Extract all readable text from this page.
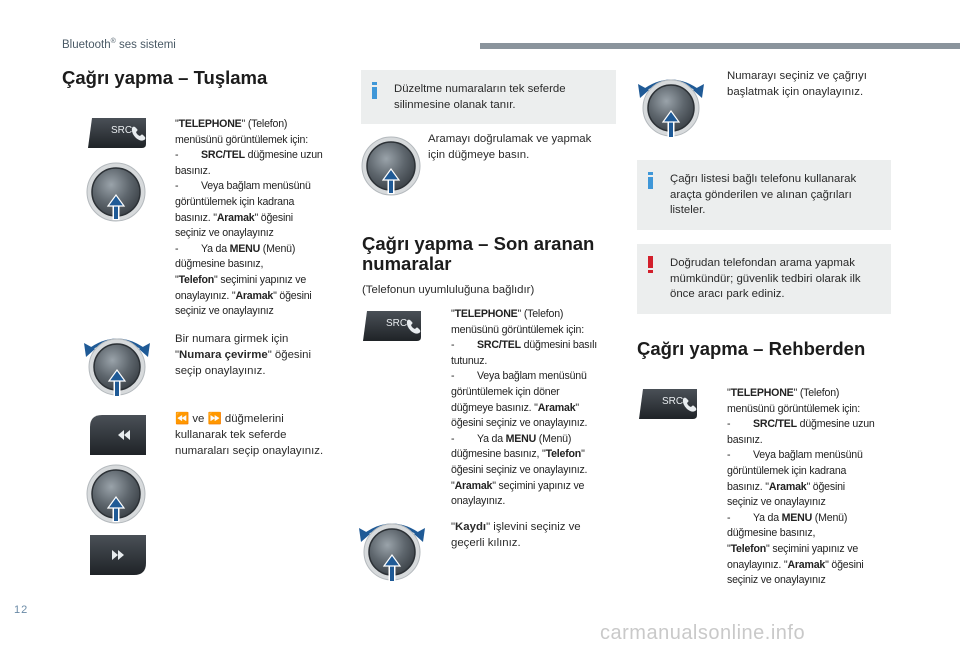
Bluetooth® ses sistemi
Çağrı yapma – Tuşlama
SRC
"TELEPHONE" (Telefon)
menüsünü görüntülemek için:
- SRC/TEL düğmesine uzun
basınız.
- Veya bağlam menüsünü
görüntülemek için kadrana
basınız. "Aramak" öğesini
seçiniz ve onaylayınız
- Ya da MENU (Menü)
düğmesine basınız,
"Telefon" seçimini yapınız ve
onaylayınız. "Aramak" öğesini
seçiniz ve onaylayınız
Bir numara girmek için
"Numara çevirme" öğesini
seçip onaylayınız.
⏪ ve ⏩ düğmelerini
kullanarak tek seferde
numaraları seçip onaylayınız.
Düzeltme numaraların tek seferde
silinmesine olanak tanır.
Aramayı doğrulamak ve yapmak
için düğmeye basın.
Çağrı yapma – Son aranan
numaralar
(Telefonun uyumluluğuna bağlıdır)
SRC
"TELEPHONE" (Telefon)
menüsünü görüntülemek için:
- SRC/TEL düğmesini basılı
tutunuz.
- Veya bağlam menüsünü
görüntülemek için döner
düğmeye basınız. "Aramak"
öğesini seçiniz ve onaylayınız.
- Ya da MENU (Menü)
düğmesine basınız, "Telefon"
öğesini seçiniz ve onaylayınız.
"Aramak" seçimini yapınız ve
onaylayınız.
"Kaydı" işlevini seçiniz ve
geçerli kılınız.
Numarayı seçiniz ve çağrıyı
başlatmak için onaylayınız.
Çağrı listesi bağlı telefonu kullanarak
araçta gönderilen ve alınan çağrıları
listeler.
Doğrudan telefondan arama yapmak
mümkündür; güvenlik tedbiri olarak ilk
önce aracı park ediniz.
Çağrı yapma – Rehberden
SRC
"TELEPHONE" (Telefon)
menüsünü görüntülemek için:
- SRC/TEL düğmesine uzun
basınız.
- Veya bağlam menüsünü
görüntülemek için kadrana
basınız. "Aramak" öğesini
seçiniz ve onaylayınız
- Ya da MENU (Menü)
düğmesine basınız,
"Telefon" seçimini yapınız ve
onaylayınız. "Aramak" öğesini
seçiniz ve onaylayınız
12
carmanualsonline.info
